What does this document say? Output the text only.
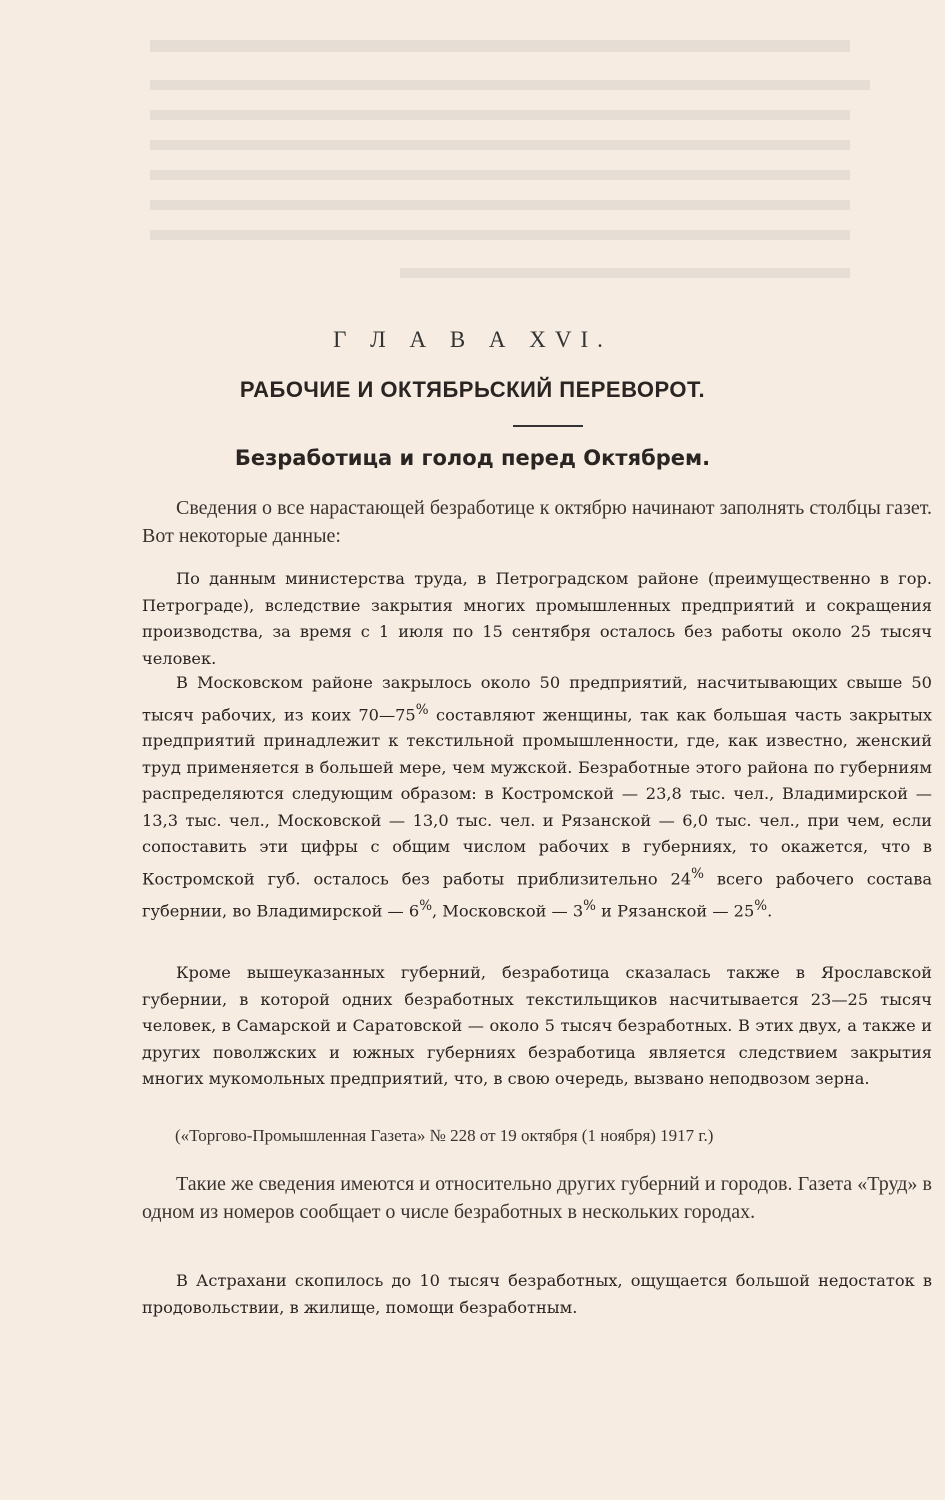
Г Л А В А XVI.
РАБОЧИЕ И ОКТЯБРЬСКИЙ ПЕРЕВОРОТ.
Безработица и голод перед Октябрем.

Сведения о все нарастающей безработице к октябрю начинают заполнять столбцы газет. Вот некоторые данные:

По данным министерства труда, в Петроградском районе (преимущественно в гор. Петрограде), вследствие закрытия многих промышленных предприятий и сокращения производства, за время с 1 июля по 15 сентября осталось без работы около 25 тысяч человек.

В Московском районе закрылось около 50 предприятий, насчитывающих свыше 50 тысяч рабочих, из коих 70—75% составляют женщины, так как большая часть закрытых предприятий принадлежит к текстильной промышленности, где, как известно, женский труд применяется в большей мере, чем мужской. Безработные этого района по губерниям распределяются следующим образом: в Костромской — 23,8 тыс. чел., Владимирской — 13,3 тыс. чел., Московской — 13,0 тыс. чел. и Рязанской — 6,0 тыс. чел., при чем, если сопоставить эти цифры с общим числом рабочих в губерниях, то окажется, что в Костромской губ. осталось без работы приблизительно 24% всего рабочего состава губернии, во Владимирской — 6%, Московской — 3% и Рязанской — 25%.

Кроме вышеуказанных губерний, безработица сказалась также в Ярославской губернии, в которой одних безработных текстильщиков насчитывается 23—25 тысяч человек, в Самарской и Саратовской — около 5 тысяч безработных. В этих двух, а также и других поволжских и южных губерниях безработица является следствием закрытия многих мукомольных предприятий, что, в свою очередь, вызвано неподвозом зерна.

(«Торгово-Промышленная Газета» № 228 от 19 октября (1 ноября) 1917 г.)

Такие же сведения имеются и относительно других губерний и городов. Газета «Труд» в одном из номеров сообщает о числе безработных в нескольких городах.

В Астрахани скопилось до 10 тысяч безработных, ощущается большой недостаток в продовольствии, в жилище, помощи безработным.
